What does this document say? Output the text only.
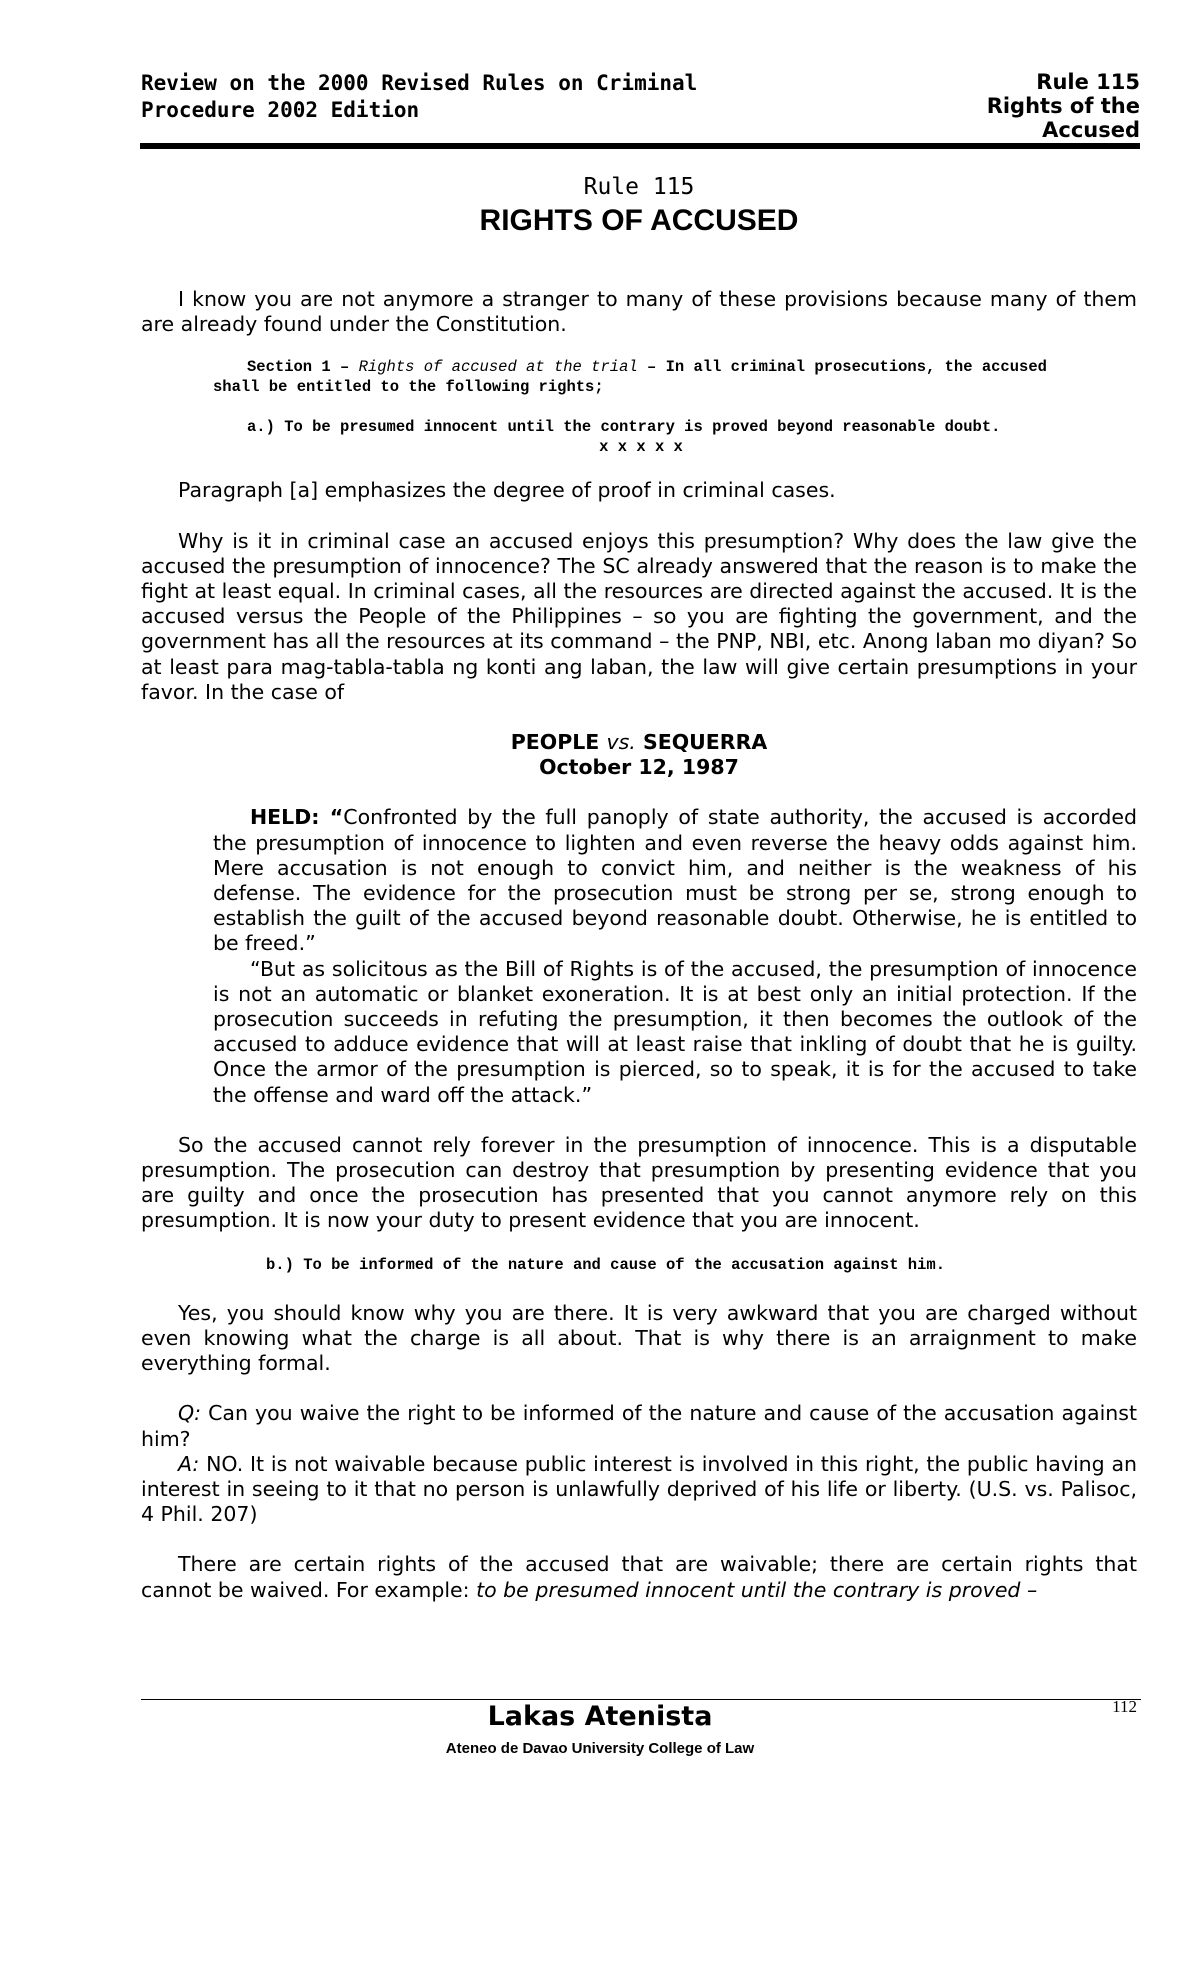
Review on the 2000 Revised Rules on Criminal
Procedure 2002 Edition
Rule 115
Rights of the
Accused
Rule 115
RIGHTS OF ACCUSED

I know you are not anymore a stranger to many of these provisions because many of them are already found under the Constitution.

Section 1 – Rights of accused at the trial – In all criminal prosecutions, the accused shall be entitled to the following rights;

a.) To be presumed innocent until the contrary is proved beyond reasonable doubt.

x x x x x

Paragraph [a] emphasizes the degree of proof in criminal cases.

Why is it in criminal case an accused enjoys this presumption? Why does the law give the accused the presumption of innocence? The SC already answered that the reason is to make the fight at least equal. In criminal cases, all the resources are directed against the accused. It is the accused versus the People of the Philippines – so you are fighting the government, and the government has all the resources at its command – the PNP, NBI, etc. Anong laban mo diyan? So at least para mag-tabla-tabla ng konti ang laban, the law will give certain presumptions in your favor. In the case of

PEOPLE vs. SEQUERRA
October 12, 1987

HELD: “Confronted by the full panoply of state authority, the accused is accorded the presumption of innocence to lighten and even reverse the heavy odds against him. Mere accusation is not enough to convict him, and neither is the weakness of his defense. The evidence for the prosecution must be strong per se, strong enough to establish the guilt of the accused beyond reasonable doubt. Otherwise, he is entitled to be freed.”

“But as solicitous as the Bill of Rights is of the accused, the presumption of innocence is not an automatic or blanket exoneration. It is at best only an initial protection. If the prosecution succeeds in refuting the presumption, it then becomes the outlook of the accused to adduce evidence that will at least raise that inkling of doubt that he is guilty. Once the armor of the presumption is pierced, so to speak, it is for the accused to take the offense and ward off the attack.”

So the accused cannot rely forever in the presumption of innocence. This is a disputable presumption. The prosecution can destroy that presumption by presenting evidence that you are guilty and once the prosecution has presented that you cannot anymore rely on this presumption. It is now your duty to present evidence that you are innocent.

b.) To be informed of the nature and cause of the accusation against him.

Yes, you should know why you are there. It is very awkward that you are charged without even knowing what the charge is all about. That is why there is an arraignment to make everything formal.

Q: Can you waive the right to be informed of the nature and cause of the accusation against him?

A: NO. It is not waivable because public interest is involved in this right, the public having an interest in seeing to it that no person is unlawfully deprived of his life or liberty. (U.S. vs. Palisoc, 4 Phil. 207)

There are certain rights of the accused that are waivable; there are certain rights that cannot be waived. For example: to be presumed innocent until the contrary is proved –

Lakas Atenista
Ateneo de Davao University College of Law
112
